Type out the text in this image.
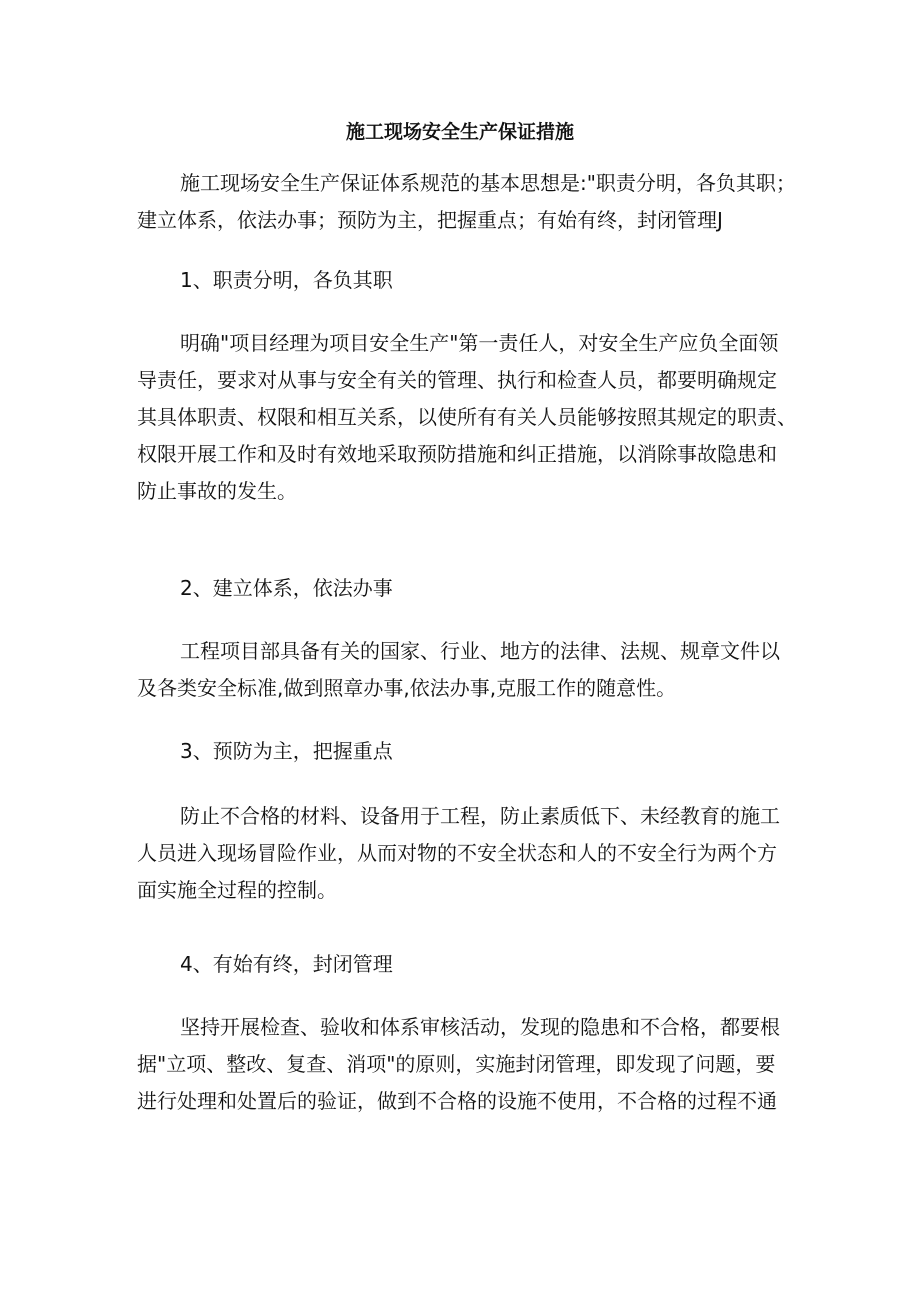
施工现场安全生产保证措施

施工现场安全生产保证体系规范的基本思想是:"职责分明，各负其职；
建立体系，依法办事；预防为主，把握重点；有始有终，封闭管理J

1、职责分明，各负其职

明确"项目经理为项目安全生产"第一责任人，对安全生产应负全面领
导责任，要求对从事与安全有关的管理、执行和检查人员，都要明确规定
其具体职责、权限和相互关系，以使所有有关人员能够按照其规定的职责、
权限开展工作和及时有效地采取预防措施和纠正措施，以消除事故隐患和
防止事故的发生。

2、建立体系，依法办事

工程项目部具备有关的国家、行业、地方的法律、法规、规章文件以
及各类安全标准,做到照章办事,依法办事,克服工作的随意性。

3、预防为主，把握重点

防止不合格的材料、设备用于工程，防止素质低下、未经教育的施工
人员进入现场冒险作业，从而对物的不安全状态和人的不安全行为两个方
面实施全过程的控制。

4、有始有终，封闭管理

坚持开展检查、验收和体系审核活动，发现的隐患和不合格，都要根
据"立项、整改、复查、消项"的原则，实施封闭管理，即发现了问题，要
进行处理和处置后的验证，做到不合格的设施不使用，不合格的过程不通
